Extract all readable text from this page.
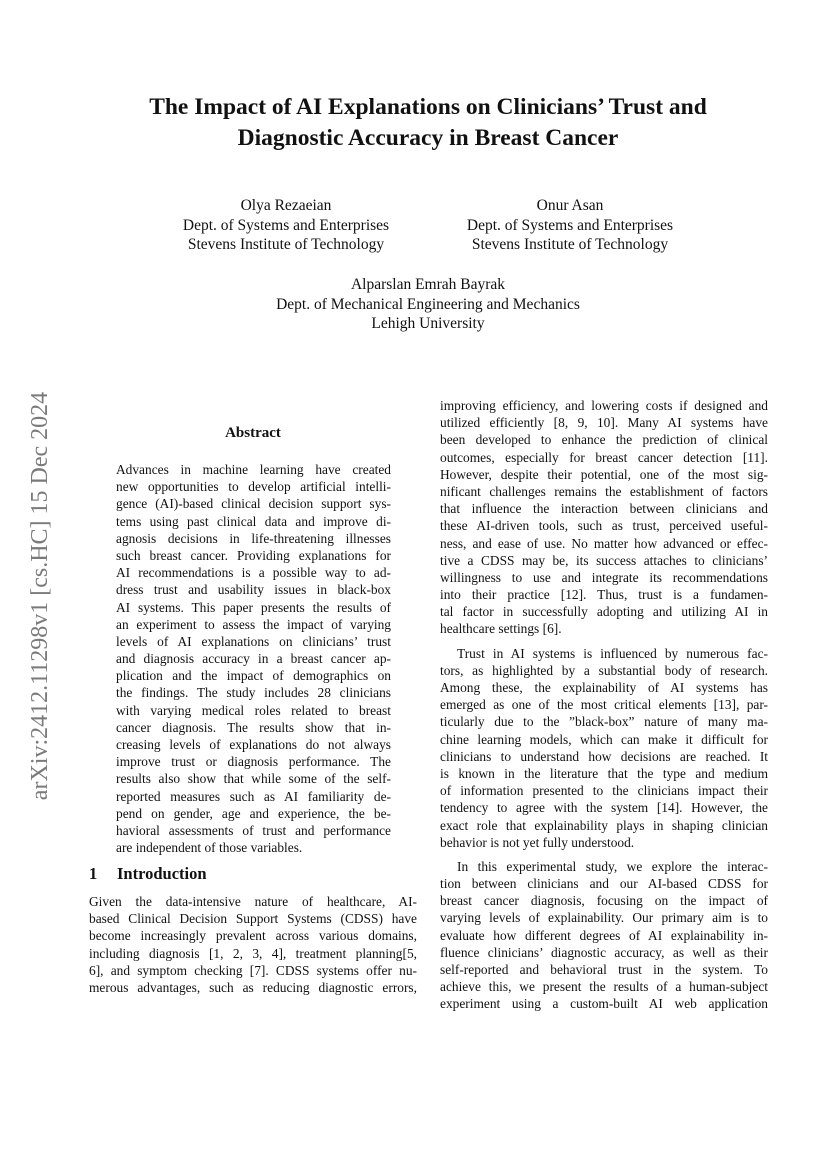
The Impact of AI Explanations on Clinicians’ Trust and
Diagnostic Accuracy in Breast Cancer
Olya Rezaeian
Dept. of Systems and Enterprises
Stevens Institute of Technology
Onur Asan
Dept. of Systems and Enterprises
Stevens Institute of Technology
Alparslan Emrah Bayrak
Dept. of Mechanical Engineering and Mechanics
Lehigh University
arXiv:2412.11298v1 [cs.HC] 15 Dec 2024	Abstract
Advances in machine learning have created
new opportunities to develop artificial intelli-
gence (AI)-based clinical decision support sys-
tems using past clinical data and improve di-
agnosis decisions in life-threatening illnesses
such breast cancer. Providing explanations for
AI recommendations is a possible way to ad-
dress trust and usability issues in black-box
AI systems. This paper presents the results of
an experiment to assess the impact of varying
levels of AI explanations on clinicians’ trust
and diagnosis accuracy in a breast cancer ap-
plication and the impact of demographics on
the findings. The study includes 28 clinicians
with varying medical roles related to breast
cancer diagnosis. The results show that in-
creasing levels of explanations do not always
improve trust or diagnosis performance. The
results also show that while some of the self-
reported measures such as AI familiarity de-
pend on gender, age and experience, the be-
havioral assessments of trust and performance
are independent of those variables.
1 Introduction
Given the data-intensive nature of healthcare, AI-
based Clinical Decision Support Systems (CDSS) have
become increasingly prevalent across various domains,
including diagnosis [1, 2, 3, 4], treatment planning[5,
6], and symptom checking [7]. CDSS systems offer nu-
merous advantages, such as reducing diagnostic errors,
improving efficiency, and lowering costs if designed and
utilized efficiently [8, 9, 10]. Many AI systems have
been developed to enhance the prediction of clinical
outcomes, especially for breast cancer detection [11].
However, despite their potential, one of the most sig-
nificant challenges remains the establishment of factors
that influence the interaction between clinicians and
these AI-driven tools, such as trust, perceived useful-
ness, and ease of use. No matter how advanced or effec-
tive a CDSS may be, its success attaches to clinicians’
willingness to use and integrate its recommendations
into their practice [12]. Thus, trust is a fundamen-
tal factor in successfully adopting and utilizing AI in
healthcare settings [6].
Trust in AI systems is influenced by numerous fac-
tors, as highlighted by a substantial body of research.
Among these, the explainability of AI systems has
emerged as one of the most critical elements [13], par-
ticularly due to the ”black-box” nature of many ma-
chine learning models, which can make it difficult for
clinicians to understand how decisions are reached. It
is known in the literature that the type and medium
of information presented to the clinicians impact their
tendency to agree with the system [14]. However, the
exact role that explainability plays in shaping clinician
behavior is not yet fully understood.
In this experimental study, we explore the interac-
tion between clinicians and our AI-based CDSS for
breast cancer diagnosis, focusing on the impact of
varying levels of explainability. Our primary aim is to
evaluate how different degrees of AI explainability in-
fluence clinicians’ diagnostic accuracy, as well as their
self-reported and behavioral trust in the system. To
achieve this, we present the results of a human-subject
experiment using a custom-built AI web application
